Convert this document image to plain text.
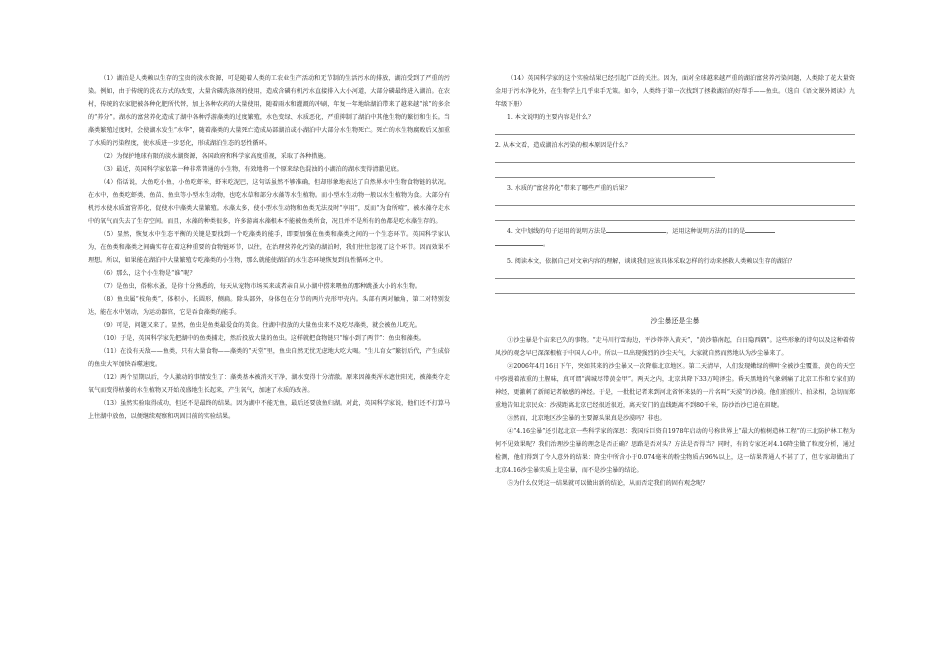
（1）湖泊是人类赖以生存的宝贵的淡水资源，可是随着人类的工农业生产活动和无节制的生活污水的排放，湖泊受到了严重的污染。例如，由于传统的洗衣方式的改变，大量含磷洗涤剂的使用，造成含磷有机污水直接排入大小河道，大部分磷最终进入湖泊。在农村，传统的农家肥被各种化肥所代替，加上各种农药的大量使用，随着雨水和灌溉的冲刷，年复一年地给湖泊带来了越来越“浓”的多余的“养分”。湖水的富营养化造成了湖中各种浮游藻类的过度繁殖，水色变绿、水质恶化，严重抑制了湖泊中其他生物的繁衍和生长。当藻类繁殖过度时，会使湖水发生“水华”，随着藻类的大量死亡造成局部湖泊或小湖泊中大部分水生物死亡。死亡的水生物腐败后又加重了水质的污染程度，使水质进一步恶化，形成湖泊生态的恶性循环。

（2）为保护地球有限的淡水湖资源，各国政府和科学家高度重视，采取了各种措施。

（3）最近，英国科学家依靠一种非常普通的小生物，有效地将一个原来绿色混浊的小湖泊的湖水变得清澈见底。

（4）俗话说，大鱼吃小鱼，小鱼吃虾米，虾米吃泥巴，这句话虽然不够准确，但却形象地表达了自然界水中生物食物链的状况。在水中，鱼类吃虾类、鱼苗、鱼虫等小型水生动物，也吃水草和部分水藻等水生植物。而小型水生动物一般以水生植物为食。大部分有机污水使水质富营养化，促使水中藻类大量繁殖。水藻太多，使小型水生动物和鱼类无法及时“享用”，反而“为食所噎”，被水藻夺走水中的氧气而失去了生存空间。而且，水藻的种类很多，许多游离水藻根本不能被鱼类所食，况且并不是所有的鱼都是吃水藻生存的。

（5）显然，恢复水中生态平衡的关键是要找到一个吃藻类的能手，即要加强在鱼类和藻类之间的一个生态环节。英国科学家认为，在鱼类和藻类之间确实存在着这种重要的食物链环节，以往，在治理营养化污染的湖泊时，我们往往忽视了这个环节。因而效果不理想。所以，如果能在湖泊中大量繁殖专吃藻类的小生物，那么就能使湖泊的水生态环境恢复到良性循环之中。

（6）那么，这个小生物是“谁”呢？

（7）是鱼虫，俗称水蚤，是你十分熟悉的，每天从宠物市场买来或者亲自从小湖中捞来喂鱼的那种跳蚤大小的水生物。

（8）鱼虫属“枝角类”，体积小，长圆形，侧扁。除头部外，身体包在分节的两片壳形甲壳内。头部有两对触角，第二对特别发达，能在水中划动，为运动器官，它是吞食藻类的能手。

（9）可是，问题又来了。显然，鱼虫是鱼类最爱食的美食。往湖中投放的大量鱼虫来不及吃尽藻类，就会被鱼儿吃光。

（10）于是，英国科学家先把湖中的鱼类捕走，然后投放大量的鱼虫。这样就把食物链只“缩小到了两节”：鱼虫和藻类。

（11）在没有天敌——鱼类，只有大量食物——藻类的“天堂”里，鱼虫自然无忧无虑地大吃大喝。“生儿育女”繁衍后代，产生成倍的鱼虫大军加快吞噬速度。

（12）两个星期以后，令人激动的事情发生了：藻类基本被消灭干净，湖水变得十分清澈。原来因藻类浑水遮住阳光，被藻类夺走氧气而变得枯萎的水生植物又开始茂盛地生长起来，产生氧气，加速了水质的改善。

（13）虽然实验取得成功，但还不是最终的结果。因为湖中不能无鱼，最后还要放鱼归湖。对此，英国科学家说，他们还不打算马上往湖中放鱼，以便继续观察和巩固目前的实验结果。

（14）英国科学家的这个实验结果已经引起广泛的关注。因为，面对全球越来越严重的湖泊富营养污染问题，人类除了花大量资金用于污水净化外，在生物学上几乎束手无策。如今，人类终于第一次找到了拯救湖泊的好帮手——鱼虫。（选自《语文课外阅读》九年级下册）

1. 本文说明的主要内容是什么？

2. 从本文看，造成湖泊水污染的根本原因是什么？

3. 水质的“富营养化”带来了哪些严重的后果？

4. 文中划线的句子运用的说明方法是	，运用这种说明方法的目的是

。

5. 阅读本文，依据自己对文章内容的理解，谈谈我们应该具体采取怎样的行动来拯救人类赖以生存的湖泊？

沙尘暴还是尘暴

①沙尘暴是个亩来已久的事物。“走马川行雪海边，平沙莽莽入黄天”，“黄沙幕南起，白日隐西隅”。这些形象的诗句以及这种着传风沙的观念早已深深根植于中国人心中。所以一旦出现强烈的沙尘天气，大家就自然而然地认为沙尘暴来了。

②2006年4月16日下午，突如其来的沙尘暴又一次降临北京地区。第二天清早，人们发现嫩绿的柳叶全被沙尘覆盖，黄色的天空中弥漫着浓重的土腥味，真可谓“满城尽带黄金甲”。两天之内，北京共降下33万吨泽尘。昏天黑地的气象刺痛了北京工作和专家们的神经，更激刺了新闻记者敏感的神经。于是，一批批记者来到河北省怀来县的一片名叫“天漠”的沙漠。他们拍照片、拍录相，急切而郑重地告知北京民众：沙漠距离北京已经很近很近，离天安门的直线距离不到80千米，防沙治沙已迫在眉睫。

③然而，北京地区沙尘暴的主要源头果真是沙漠吗？非也。

④“4.16尘暴”还引起北京一些科学家的深思：我国斥巨资自1978年启动的号称世界上“最大的植树造林工程”的三北防护林工程为何不见效果呢？我们治理沙尘暴的理念是否正确？思路是否对头？方法是否得当？同时，有的专家还对4.16降尘做了粒度分析，通过检测，他们得到了令人意外的结果：降尘中所含小于0.074毫米的粉尘物质占96%以上，这一结果普通人不甚了了，但专家却做出了北京4.16沙尘暴实质上是尘暴，而不是沙尘暴的结论。

⑤为什么仅凭这一结果就可以做出新的结论，从而否定我们的固有观念呢？
